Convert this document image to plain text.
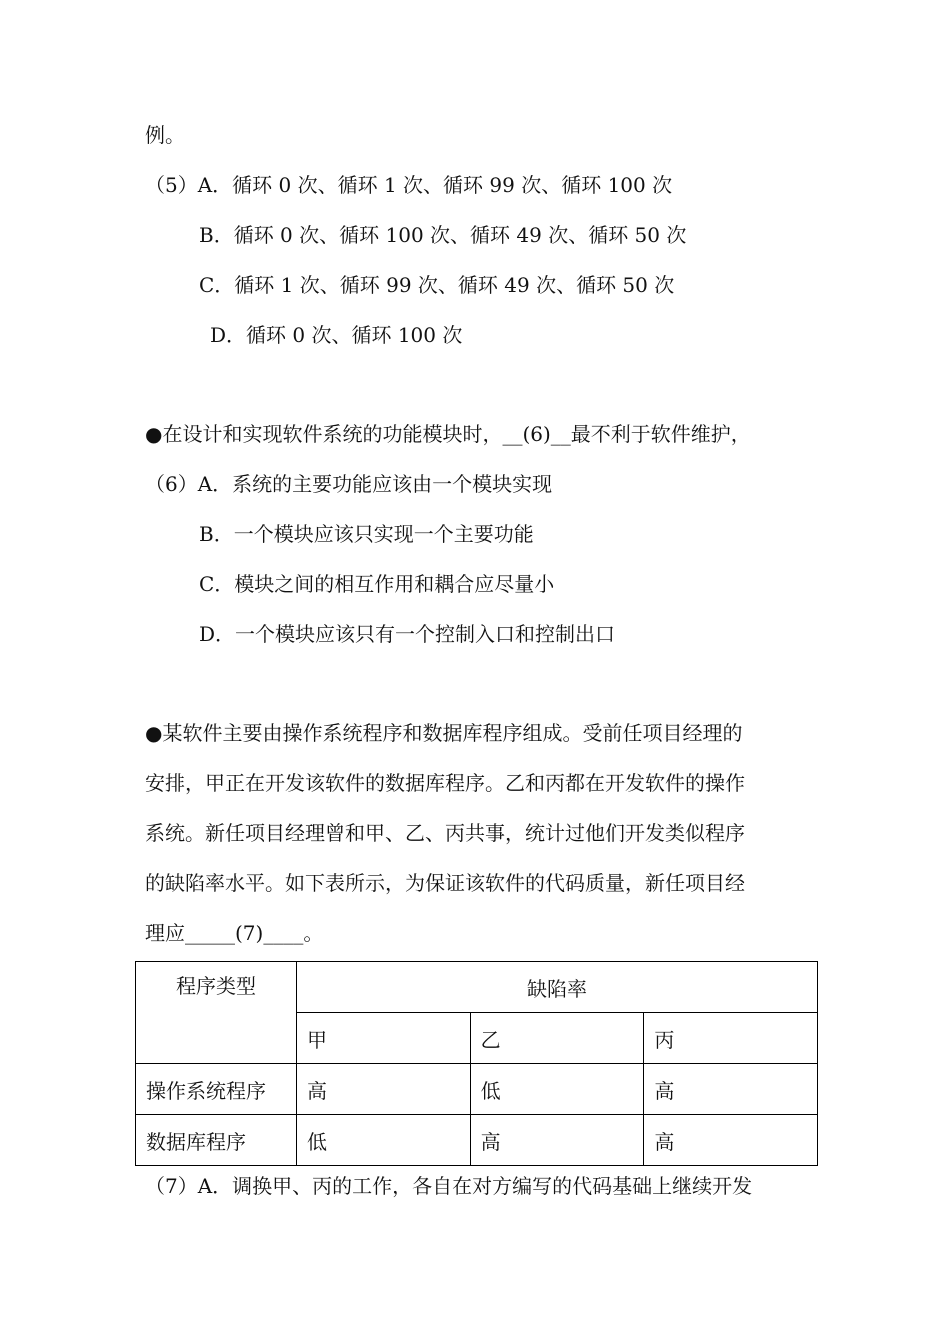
例。
（5）A．循环 0 次、循环 1 次、循环 99 次、循环 100 次
B．循环 0 次、循环 100 次、循环 49 次、循环 50 次
C．循环 1 次、循环 99 次、循环 49 次、循环 50 次
D．循环 0 次、循环 100 次
●在设计和实现软件系统的功能模块时，__(6)__最不利于软件维护，
（6）A．系统的主要功能应该由一个模块实现
B．一个模块应该只实现一个主要功能
C．模块之间的相互作用和耦合应尽量小
D．一个模块应该只有一个控制入口和控制出口
●某软件主要由操作系统程序和数据库程序组成。受前任项目经理的
安排，甲正在开发该软件的数据库程序。乙和丙都在开发软件的操作
系统。新任项目经理曾和甲、乙、丙共事，统计过他们开发类似程序
的缺陷率水平。如下表所示，为保证该软件的代码质量，新任项目经
理应_____(7)____。
程序类型	缺陷率		
	甲	乙	丙
操作系统程序	高	低	高
数据库程序	低	高	高
（7）A．调换甲、丙的工作，各自在对方编写的代码基础上继续开发
